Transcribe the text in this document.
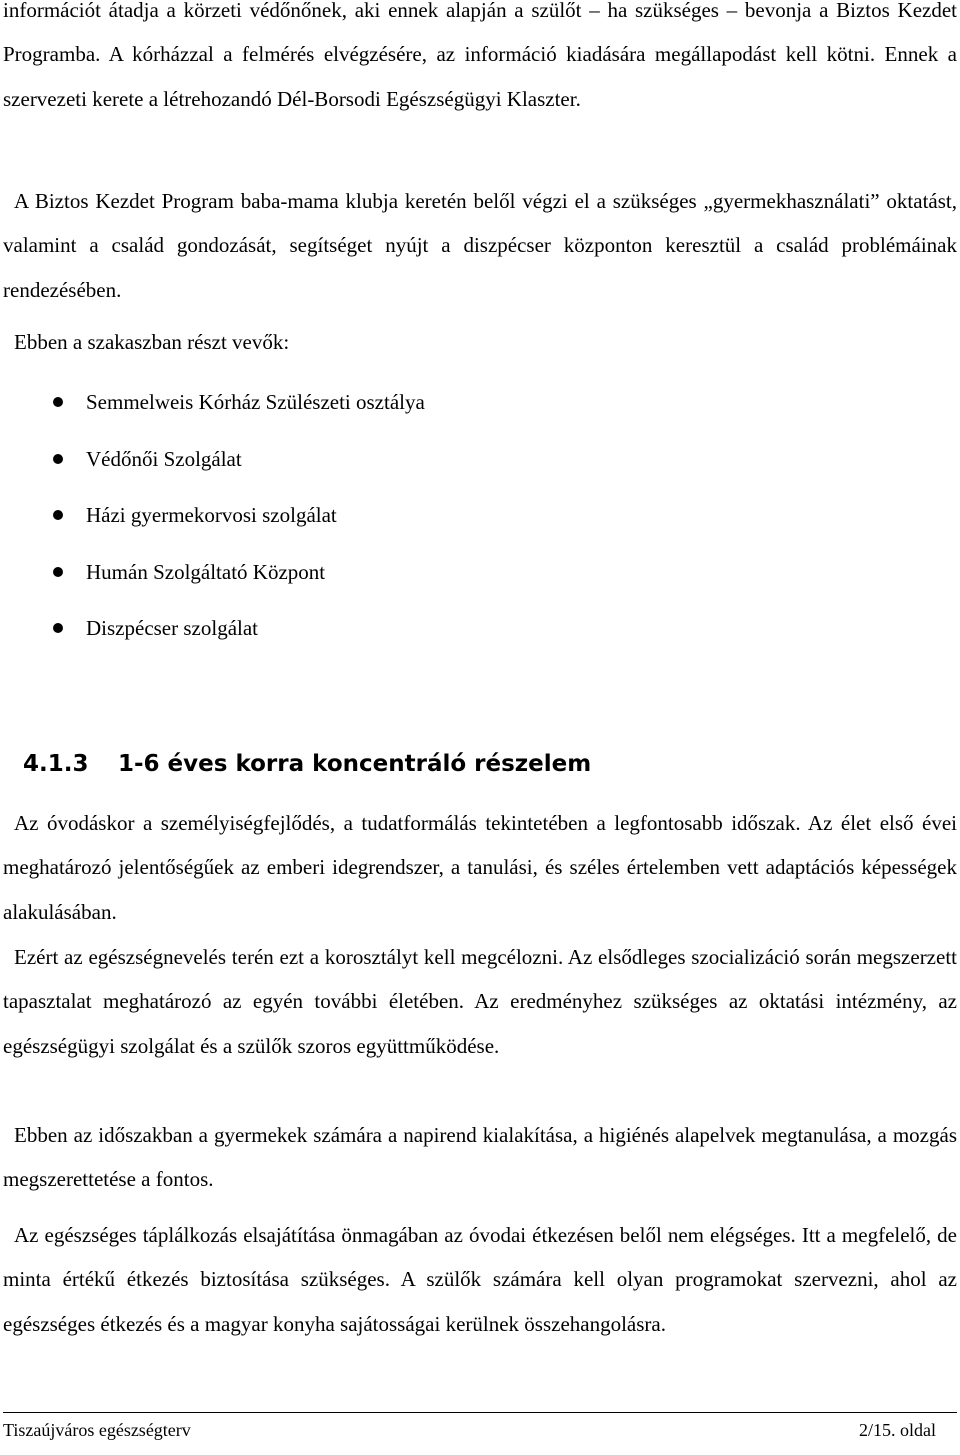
információt átadja a körzeti védőnőnek, aki ennek alapján a szülőt – ha szükséges – bevonja a Biztos Kezdet Programba. A kórházzal a felmérés elvégzésére, az információ kiadására megállapodást kell kötni. Ennek a szervezeti kerete a létrehozandó Dél-Borsodi Egészségügyi Klaszter.

A Biztos Kezdet Program baba-mama klubja keretén belől végzi el a szükséges „gyermekhasználati” oktatást, valamint a család gondozását, segítséget nyújt a diszpécser központon keresztül a család problémáinak rendezésében.

Ebben a szakaszban részt vevők:

Semmelweis Kórház Szülészeti osztálya
Védőnői Szolgálat
Házi gyermekorvosi szolgálat
Humán Szolgáltató Központ
Diszpécser szolgálat
4.1.3 1-6 éves korra koncentráló részelem

Az óvodáskor a személyiségfejlődés, a tudatformálás tekintetében a legfontosabb időszak. Az élet első évei meghatározó jelentőségűek az emberi idegrendszer, a tanulási, és széles értelemben vett adaptációs képességek alakulásában.

Ezért az egészségnevelés terén ezt a korosztályt kell megcélozni. Az elsődleges szocializáció során megszerzett tapasztalat meghatározó az egyén további életében. Az eredményhez szükséges az oktatási intézmény, az egészségügyi szolgálat és a szülők szoros együttműködése.

Ebben az időszakban a gyermekek számára a napirend kialakítása, a higiénés alapelvek megtanulása, a mozgás megszerettetése a fontos.

Az egészséges táplálkozás elsajátítása önmagában az óvodai étkezésen belől nem elégséges. Itt a megfelelő, de minta értékű étkezés biztosítása szükséges. A szülők számára kell olyan programokat szervezni, ahol az egészséges étkezés és a magyar konyha sajátosságai kerülnek összehangolásra.

Tiszaújváros egészségterv	2/15. oldal
